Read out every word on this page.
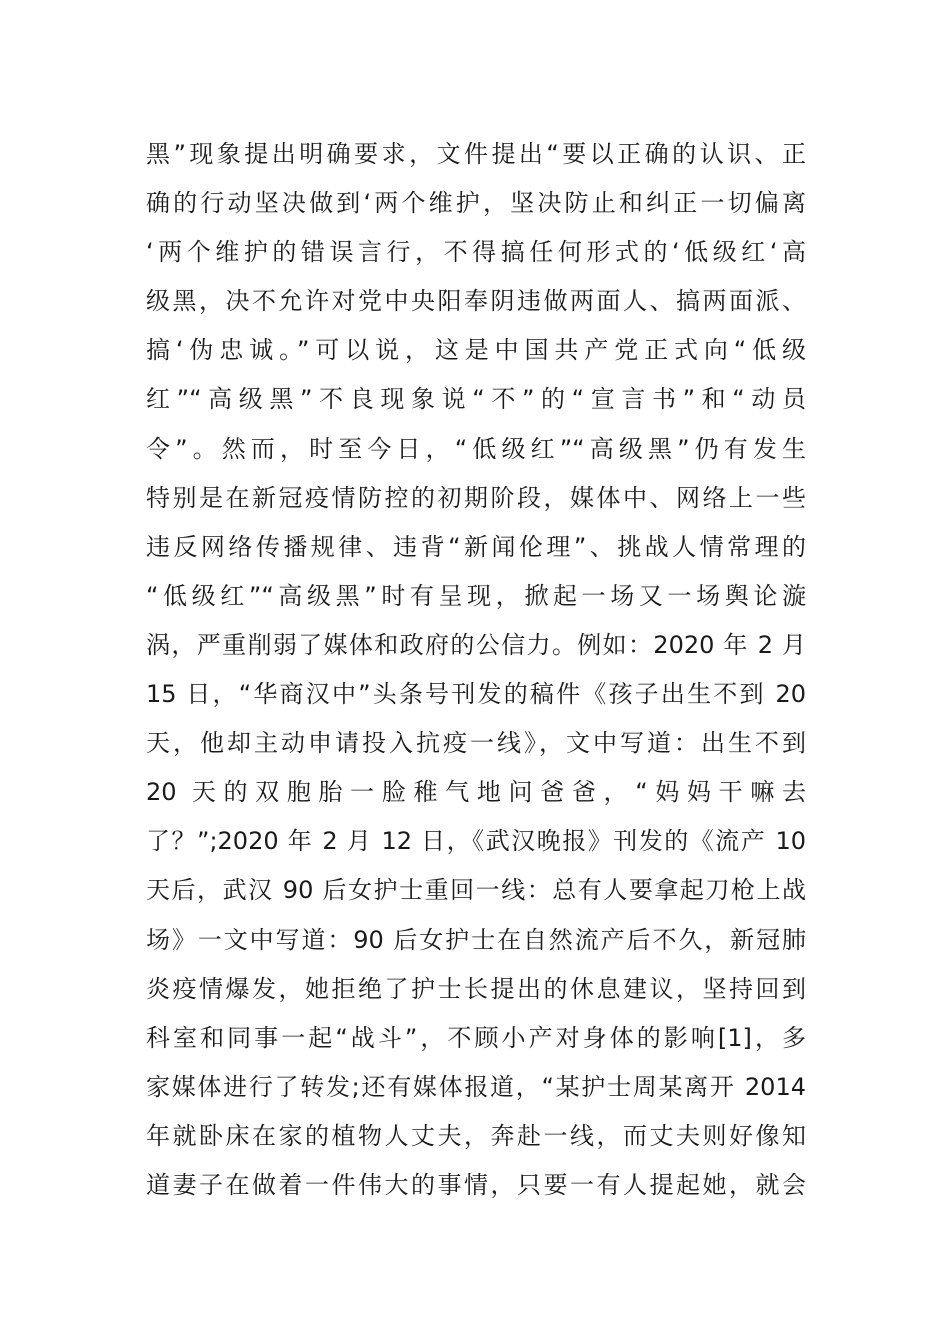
黑”现象提出明确要求，文件提出“要以正确的认识、正
确的行动坚决做到‘两个维护，坚决防止和纠正一切偏离
‘两个维护的错误言行，不得搞任何形式的‘低级红‘高
级黑，决不允许对党中央阳奉阴违做两面人、搞两面派、
搞‘伪忠诚。”可以说，这是中国共产党正式向“低级
红”“高级黑”不良现象说“不”的“宣言书”和“动员
令”。然而，时至今日，“低级红”“高级黑”仍有发生
特别是在新冠疫情防控的初期阶段，媒体中、网络上一些
违反网络传播规律、违背“新闻伦理”、挑战人情常理的
“低级红”“高级黑”时有呈现，掀起一场又一场舆论漩
涡，严重削弱了媒体和政府的公信力。例如：2020 年 2 月
15 日，“华商汉中”头条号刊发的稿件《孩子出生不到 20
天，他却主动申请投入抗疫一线》，文中写道：出生不到
20 天的双胞胎一脸稚气地问爸爸，“妈妈干嘛去
了？”;2020 年 2 月 12 日，《武汉晚报》刊发的《流产 10
天后，武汉 90 后女护士重回一线：总有人要拿起刀枪上战
场》一文中写道：90 后女护士在自然流产后不久，新冠肺
炎疫情爆发，她拒绝了护士长提出的休息建议，坚持回到
科室和同事一起“战斗”，不顾小产对身体的影响[1]，多
家媒体进行了转发;还有媒体报道，“某护士周某离开 2014
年就卧床在家的植物人丈夫，奔赴一线，而丈夫则好像知
道妻子在做着一件伟大的事情，只要一有人提起她，就会
